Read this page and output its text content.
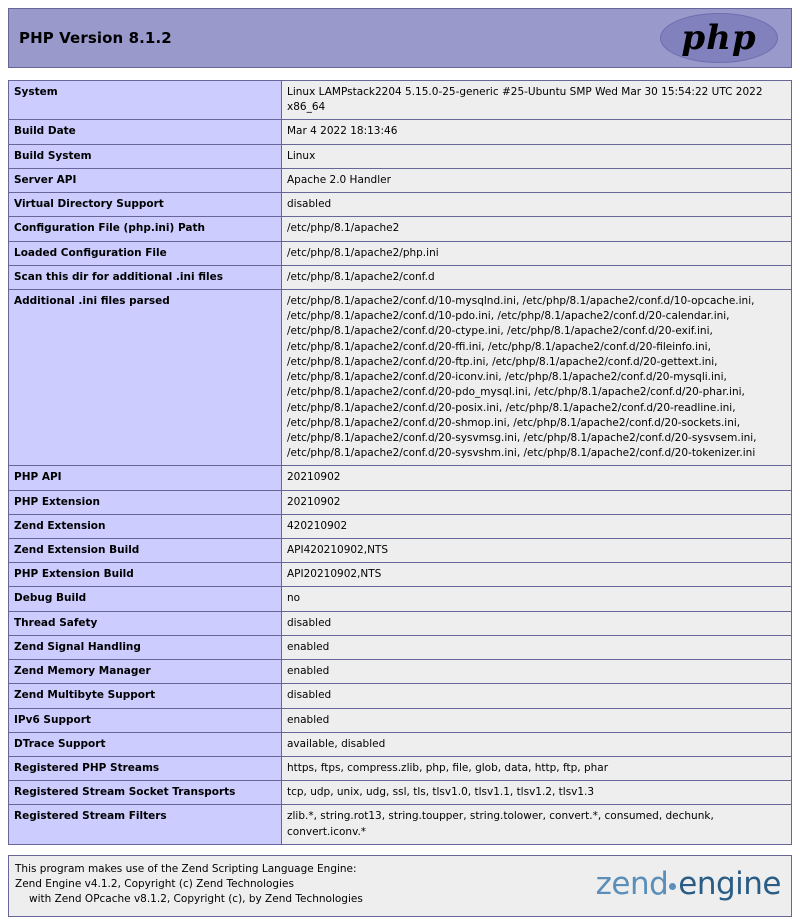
PHP Version 8.1.2	php
System	Linux LAMPstack2204 5.15.0-25-generic #25-Ubuntu SMP Wed Mar 30 15:54:22 UTC 2022 x86_64
Build Date	Mar 4 2022 18:13:46
Build System	Linux
Server API	Apache 2.0 Handler
Virtual Directory Support	disabled
Configuration File (php.ini) Path	/etc/php/8.1/apache2
Loaded Configuration File	/etc/php/8.1/apache2/php.ini
Scan this dir for additional .ini files	/etc/php/8.1/apache2/conf.d
Additional .ini files parsed	/etc/php/8.1/apache2/conf.d/10-mysqlnd.ini, /etc/php/8.1/apache2/conf.d/10-opcache.ini, /etc/php/8.1/apache2/conf.d/10-pdo.ini, /etc/php/8.1/apache2/conf.d/20-calendar.ini, /etc/php/8.1/apache2/conf.d/20-ctype.ini, /etc/php/8.1/apache2/conf.d/20-exif.ini, /etc/php/8.1/apache2/conf.d/20-ffi.ini, /etc/php/8.1/apache2/conf.d/20-fileinfo.ini, /etc/php/8.1/apache2/conf.d/20-ftp.ini, /etc/php/8.1/apache2/conf.d/20-gettext.ini, /etc/php/8.1/apache2/conf.d/20-iconv.ini, /etc/php/8.1/apache2/conf.d/20-mysqli.ini, /etc/php/8.1/apache2/conf.d/20-pdo_mysql.ini, /etc/php/8.1/apache2/conf.d/20-phar.ini, /etc/php/8.1/apache2/conf.d/20-posix.ini, /etc/php/8.1/apache2/conf.d/20-readline.ini, /etc/php/8.1/apache2/conf.d/20-shmop.ini, /etc/php/8.1/apache2/conf.d/20-sockets.ini, /etc/php/8.1/apache2/conf.d/20-sysvmsg.ini, /etc/php/8.1/apache2/conf.d/20-sysvsem.ini, /etc/php/8.1/apache2/conf.d/20-sysvshm.ini, /etc/php/8.1/apache2/conf.d/20-tokenizer.ini
PHP API	20210902
PHP Extension	20210902
Zend Extension	420210902
Zend Extension Build	API420210902,NTS
PHP Extension Build	API20210902,NTS
Debug Build	no
Thread Safety	disabled
Zend Signal Handling	enabled
Zend Memory Manager	enabled
Zend Multibyte Support	disabled
IPv6 Support	enabled
DTrace Support	available, disabled
Registered PHP Streams	https, ftps, compress.zlib, php, file, glob, data, http, ftp, phar
Registered Stream Socket Transports	tcp, udp, unix, udg, ssl, tls, tlsv1.0, tlsv1.1, tlsv1.2, tlsv1.3
Registered Stream Filters	zlib.*, string.rot13, string.toupper, string.tolower, convert.*, consumed, dechunk, convert.iconv.*
This program makes use of the Zend Scripting Language Engine:
Zend Engine v4.1.2, Copyright (c) Zend Technologies

with Zend OPcache v8.1.2, Copyright (c), by Zend Technologies	zend engine
